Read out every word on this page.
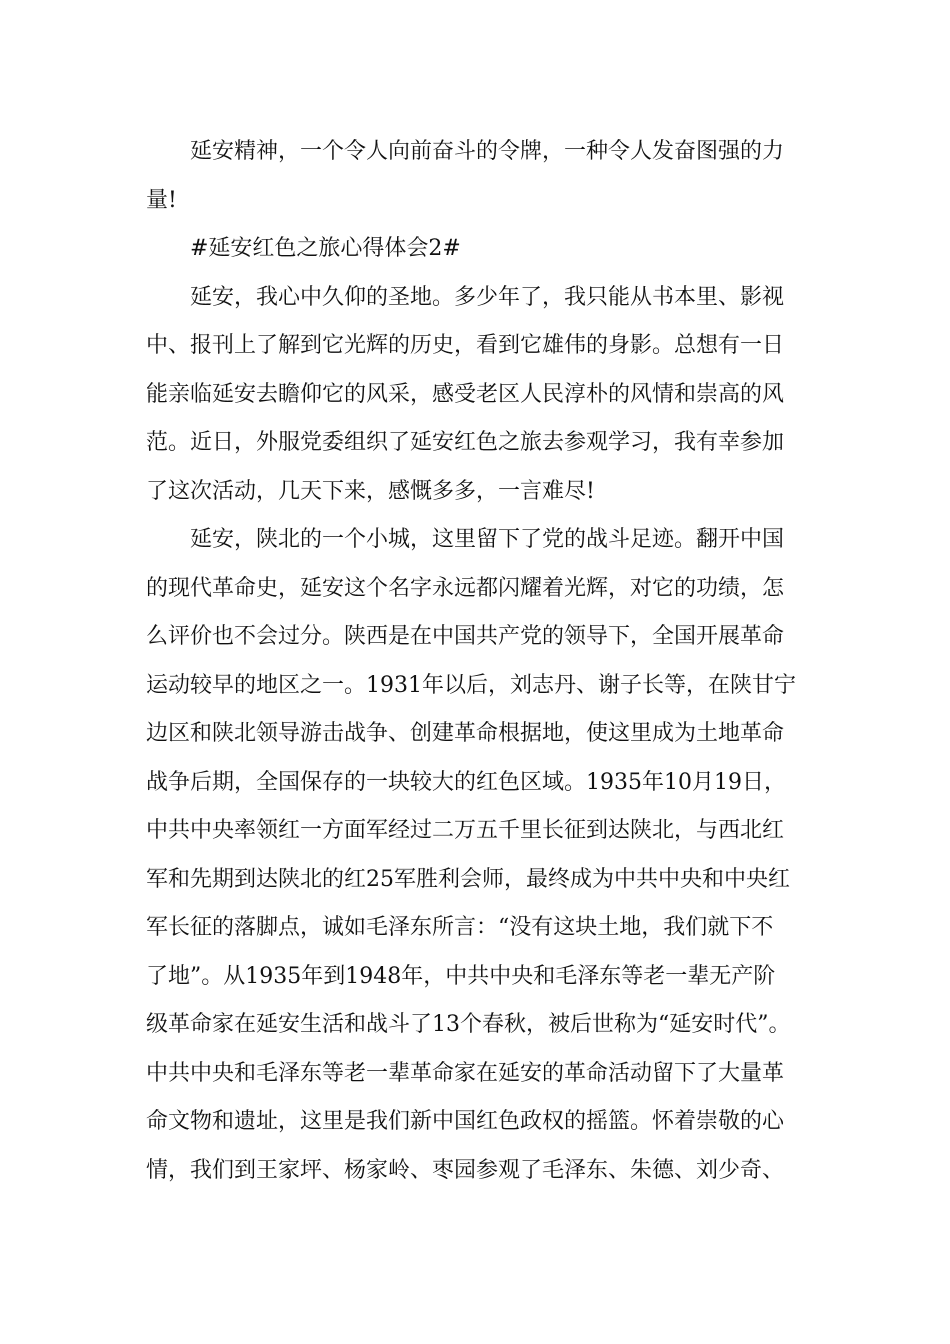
延安精神，一个令人向前奋斗的令牌，一种令人发奋图强的力
量!
#延安红色之旅心得体会2#
延安，我心中久仰的圣地。多少年了，我只能从书本里、影视
中、报刊上了解到它光辉的历史，看到它雄伟的身影。总想有一日
能亲临延安去瞻仰它的风采，感受老区人民淳朴的风情和崇高的风
范。近日，外服党委组织了延安红色之旅去参观学习，我有幸参加
了这次活动，几天下来，感慨多多，一言难尽!
延安，陕北的一个小城，这里留下了党的战斗足迹。翻开中国
的现代革命史，延安这个名字永远都闪耀着光辉，对它的功绩，怎
么评价也不会过分。陕西是在中国共产党的领导下，全国开展革命
运动较早的地区之一。1931年以后，刘志丹、谢子长等，在陕甘宁
边区和陕北领导游击战争、创建革命根据地，使这里成为土地革命
战争后期，全国保存的一块较大的红色区域。1935年10月19日，
中共中央率领红一方面军经过二万五千里长征到达陕北，与西北红
军和先期到达陕北的红25军胜利会师，最终成为中共中央和中央红
军长征的落脚点，诚如毛泽东所言：“没有这块土地，我们就下不
了地”。从1935年到1948年，中共中央和毛泽东等老一辈无产阶
级革命家在延安生活和战斗了13个春秋，被后世称为“延安时代”。
中共中央和毛泽东等老一辈革命家在延安的革命活动留下了大量革
命文物和遗址，这里是我们新中国红色政权的摇篮。怀着崇敬的心
情，我们到王家坪、杨家岭、枣园参观了毛泽东、朱德、刘少奇、
